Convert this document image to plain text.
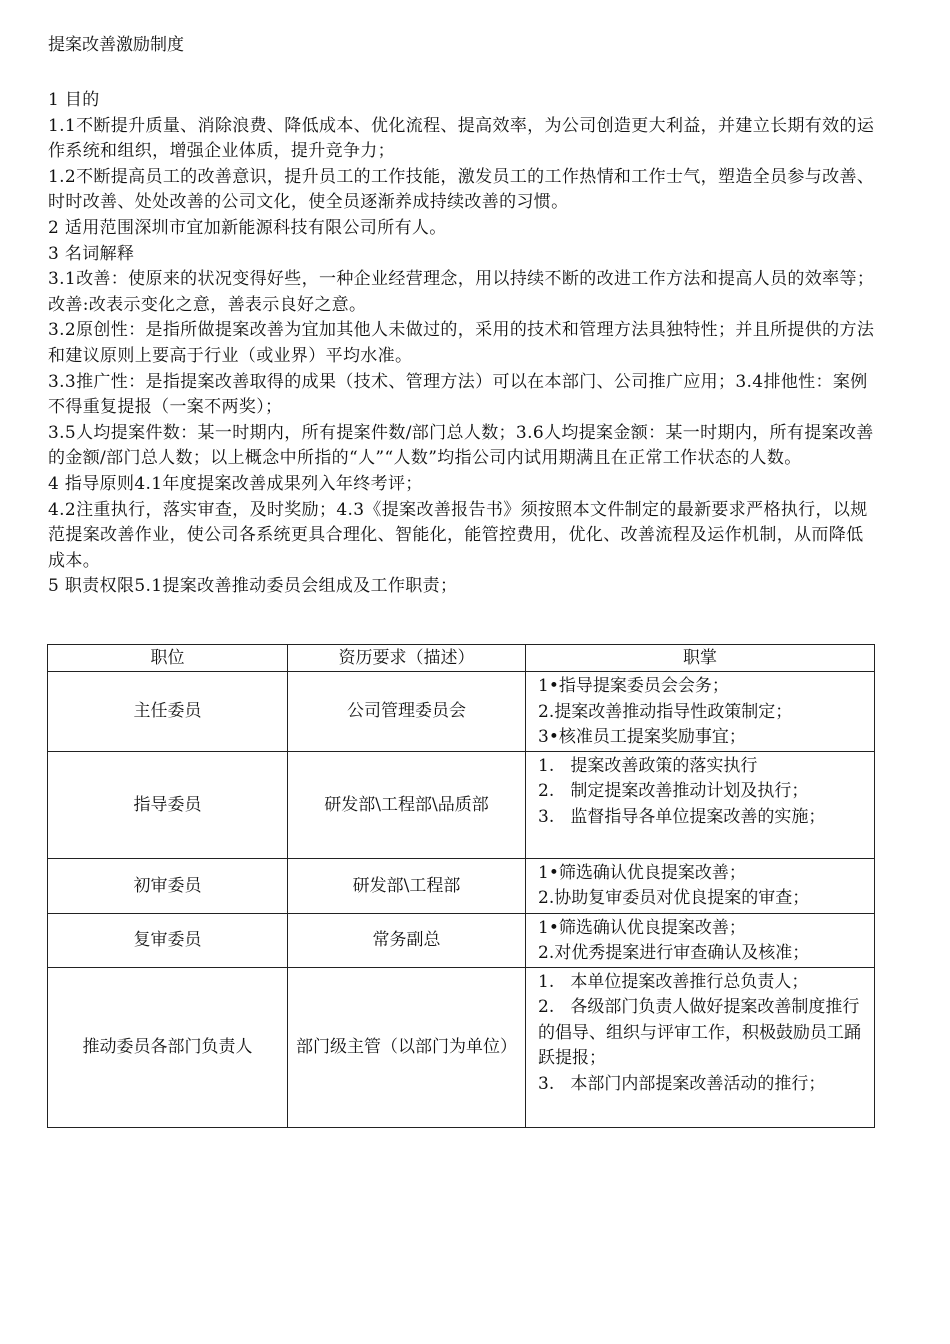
提案改善激励制度

1 目的

1.1不断提升质量、消除浪费、降低成本、优化流程、提高效率，为公司创造更大利益，并建立长期有效的运作系统和组织，增强企业体质，提升竞争力；

1.2不断提高员工的改善意识，提升员工的工作技能，激发员工的工作热情和工作士气，塑造全员参与改善、时时改善、处处改善的公司文化，使全员逐渐养成持续改善的习惯。

2 适用范围深圳市宜加新能源科技有限公司所有人。

3 名词解释

3.1改善：使原来的状况变得好些，一种企业经营理念，用以持续不断的改进工作方法和提高人员的效率等；改善:改表示变化之意，善表示良好之意。

3.2原创性：是指所做提案改善为宜加其他人未做过的，采用的技术和管理方法具独特性；并且所提供的方法和建议原则上要高于行业（或业界）平均水准。

3.3推广性：是指提案改善取得的成果（技术、管理方法）可以在本部门、公司推广应用；3.4排他性：案例不得重复提报（一案不两奖）；

3.5人均提案件数：某一时期内，所有提案件数/部门总人数；3.6人均提案金额：某一时期内，所有提案改善的金额/部门总人数；以上概念中所指的“人”“人数”均指公司内试用期满且在正常工作状态的人数。

4 指导原则4.1年度提案改善成果列入年终考评；

4.2注重执行，落实审查，及时奖励；4.3《提案改善报告书》须按照本文件制定的最新要求严格执行，以规范提案改善作业，使公司各系统更具合理化、智能化，能管控费用，优化、改善流程及运作机制，从而降低成本。

5 职责权限5.1提案改善推动委员会组成及工作职责；

职位	资历要求（描述）	职掌
主任委员	公司管理委员会	1•指导提案委员会会务；
2.提案改善推动指导性政策制定；
3•核准员工提案奖励事宜；

指导委员	研发部\工程部\品质部	1.   提案改善政策的落实执行
2.   制定提案改善推动计划及执行；
3.   监督指导各单位提案改善的实施；

初审委员	研发部\工程部	1•筛选确认优良提案改善；
2.协助复审委员对优良提案的审查；

复审委员	常务副总	1•筛选确认优良提案改善；
2.对优秀提案进行审查确认及核准；

推动委员各部门负责人	部门级主管（以部门为单位）	1.   本单位提案改善推行总负责人；
2.   各级部门负责人做好提案改善制度推行的倡导、组织与评审工作，积极鼓励员工踊跃提报；
3.   本部门内部提案改善活动的推行；
